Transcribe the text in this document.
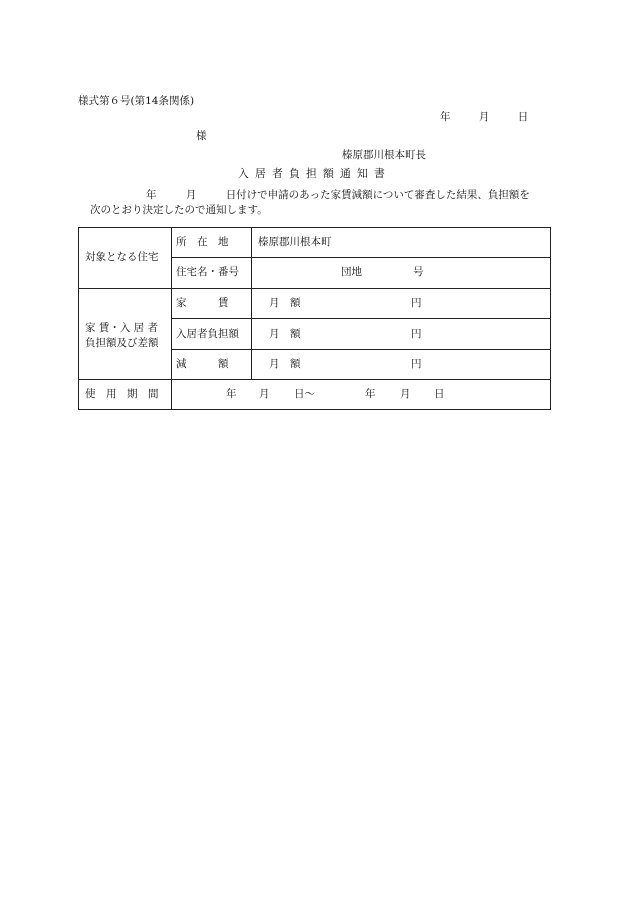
様式第６号(第14条関係)
年	月	日
様
榛原郡川根本町長
入居者負担額通知書
年	月	日付けで申請のあった家賃減額について審査した結果、負担額を
次のとおり決定したので通知します。
対象となる住宅
所　在　地	榛原郡川根本町
住宅名・番号	団地	号
家 賃・入 居 者
負担額及び差額
家　　　賃	月　額	円
入居者負担額	月　額	円
減　　　額	月　額	円
使　用　期　間	年 月 日〜	年 月 日
